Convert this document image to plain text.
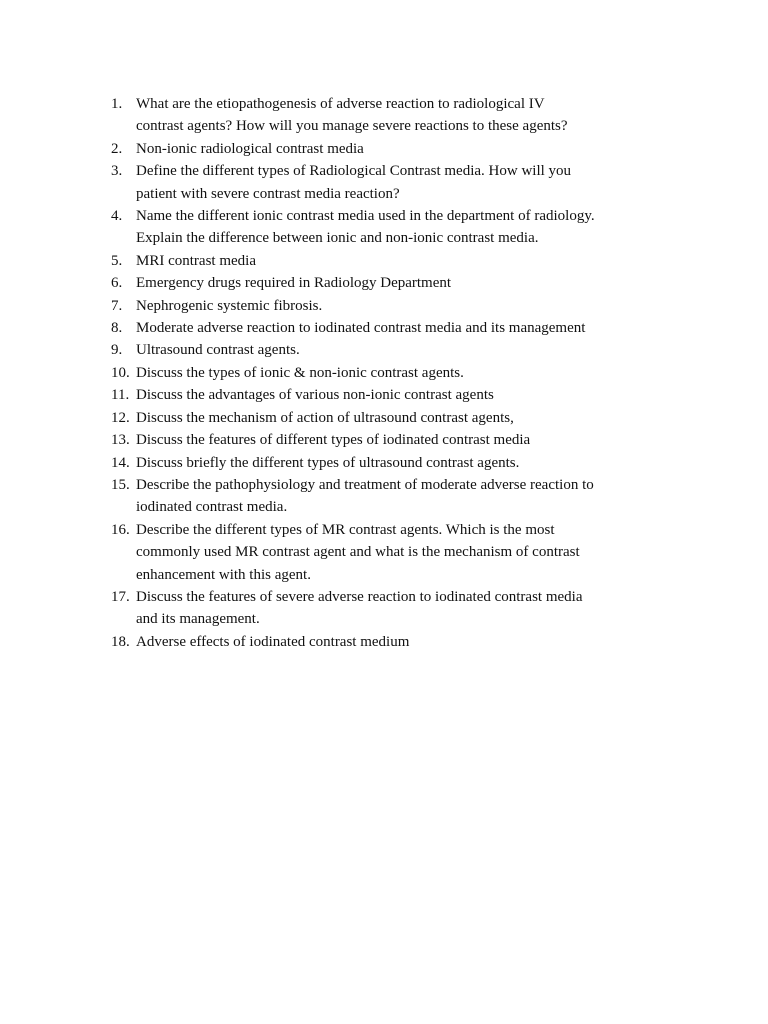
1. What are the etiopathogenesis of adverse reaction to radiological IV
contrast agents? How will you manage severe reactions to these agents?
2. Non-ionic radiological contrast media
3. Define the different types of Radiological Contrast media. How will you
patient with severe contrast media reaction?
4. Name the different ionic contrast media used in the department of radiology.
Explain the difference between ionic and non-ionic contrast media.
5. MRI contrast media
6. Emergency drugs required in Radiology Department
7. Nephrogenic systemic fibrosis.
8. Moderate adverse reaction to iodinated contrast media and its management
9. Ultrasound contrast agents.
10. Discuss the types of ionic & non-ionic contrast agents.
11. Discuss the advantages of various non-ionic contrast agents
12. Discuss the mechanism of action of ultrasound contrast agents,
13. Discuss the features of different types of iodinated contrast media
14. Discuss briefly the different types of ultrasound contrast agents.
15. Describe the pathophysiology and treatment of moderate adverse reaction to
iodinated contrast media.
16. Describe the different types of MR contrast agents. Which is the most
commonly used MR contrast agent and what is the mechanism of contrast
enhancement with this agent.
17. Discuss the features of severe adverse reaction to iodinated contrast media
and its management.
18. Adverse effects of iodinated contrast medium
